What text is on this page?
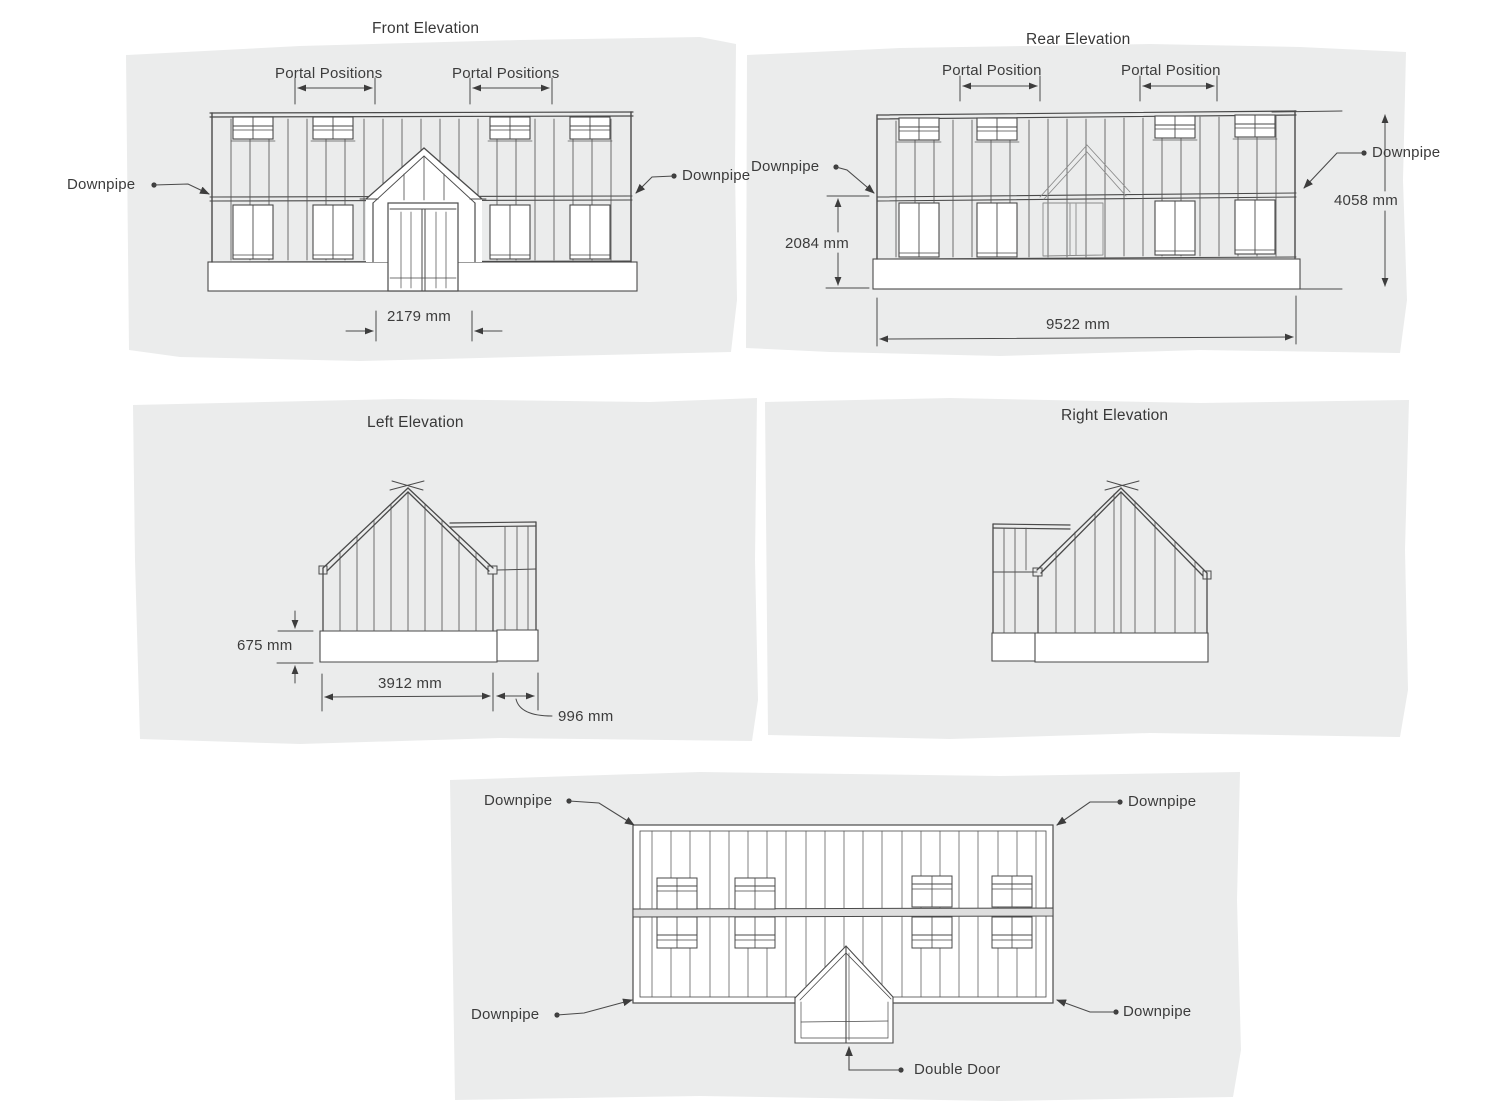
Front Elevation
Portal Positions	Portal Positions
Downpipe
Downpipe
2179 mm
Rear Elevation
Portal Position	Portal Position
Downpipe
Downpipe
2084 mm
4058 mm
9522 mm
Left Elevation
675 mm
3912 mm
996 mm
Right Elevation
Downpipe	Downpipe
Downpipe	Downpipe
Double Door
